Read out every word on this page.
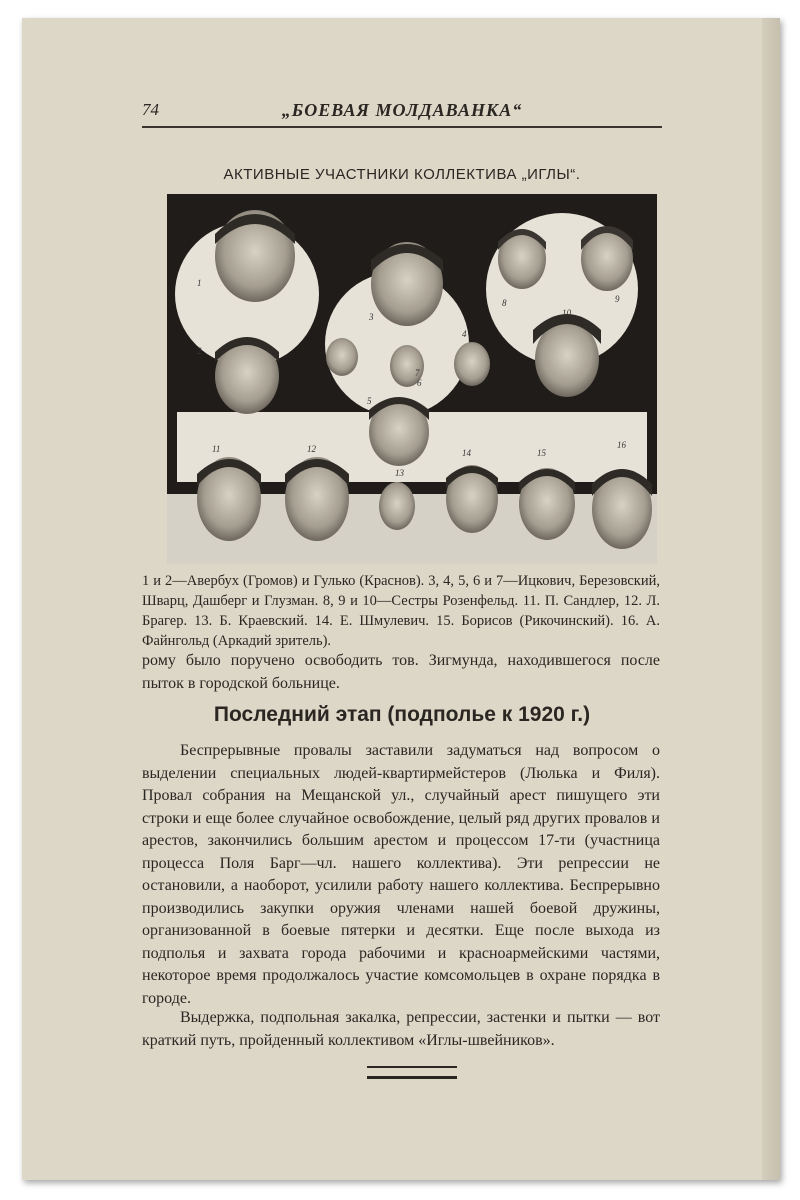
74	„БОЕВАЯ МОЛДАВАНКА“
АКТИВНЫЕ УЧАСТНИКИ КОЛЛЕКТИВА „ИГЛЫ“.
1
2
3
4
5
6
7
8	9
10
11	12
13
14	15
16
1 и 2—Авербух (Громов) и Гулько (Краснов). 3, 4, 5, 6 и 7—Ицкович, Березовский, Шварц, Дашберг и Глузман. 8, 9 и 10—Сестры Розенфельд. 11. П. Сандлер, 12. Л. Брагер. 13. Б. Краевский. 14. Е. Шмулевич. 15. Борисов (Рикочинский). 16. А. Файнгольд (Аркадий зритель).
рому было поручено освободить тов. Зигмунда, находившегося после пыток в городской больнице.
Последний этап (подполье к 1920 г.)

Беспрерывные провалы заставили задуматься над вопросом о выделении специальных людей-квартирмейстеров (Люлька и Филя). Провал собрания на Мещанской ул., случайный арест пишущего эти строки и еще более случайное освобождение, целый ряд других провалов и арестов, закончились большим арестом и процессом 17-ти (участница процесса Поля Барг—чл. нашего коллектива). Эти репрессии не остановили, а наоборот, усилили работу нашего коллектива. Беспрерывно производились закупки оружия членами нашей боевой дружины, организованной в боевые пятерки и десятки. Еще после выхода из подполья и захвата города рабочими и красноармейскими частями, некоторое время продолжалось участие комсомольцев в охране порядка в городе.

Выдержка, подпольная закалка, репрессии, застенки и пытки — вот краткий путь, пройденный коллективом «Иглы-швейников».
